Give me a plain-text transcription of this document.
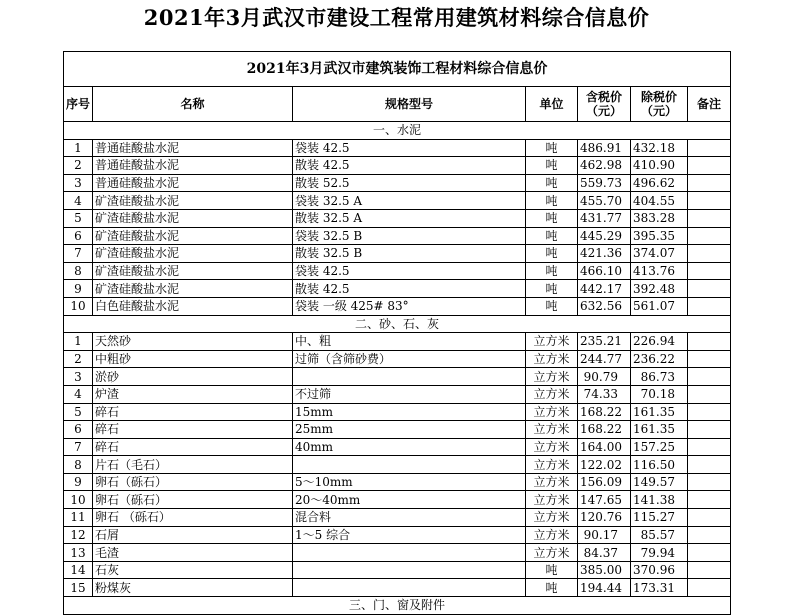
2021年3月武汉市建设工程常用建筑材料综合信息价
2021年3月武汉市建筑装饰工程材料综合信息价						
序号	名称	规格型号	单位	含税价（元）	除税价（元）	备注
一、水泥						
1	普通硅酸盐水泥	袋装 42.5	吨	486.91	432.18	
2	普通硅酸盐水泥	散装 42.5	吨	462.98	410.90	
3	普通硅酸盐水泥	散装 52.5	吨	559.73	496.62	
4	矿渣硅酸盐水泥	袋装 32.5 A	吨	455.70	404.55	
5	矿渣硅酸盐水泥	散装 32.5 A	吨	431.77	383.28	
6	矿渣硅酸盐水泥	袋装 32.5 B	吨	445.29	395.35	
7	矿渣硅酸盐水泥	散装 32.5 B	吨	421.36	374.07	
8	矿渣硅酸盐水泥	袋装 42.5	吨	466.10	413.76	
9	矿渣硅酸盐水泥	散装 42.5	吨	442.17	392.48	
10	白色硅酸盐水泥	袋装 一级 425# 83°	吨	632.56	561.07	
二、砂、石、灰						
1	天然砂	中、粗	立方米	235.21	226.94	
2	中粗砂	过筛（含筛砂费）	立方米	244.77	236.22	
3	淤砂		立方米	90.79	86.73	
4	炉渣	不过筛	立方米	74.33	70.18	
5	碎石	15mm	立方米	168.22	161.35	
6	碎石	25mm	立方米	168.22	161.35	
7	碎石	40mm	立方米	164.00	157.25	
8	片石（毛石）		立方米	122.02	116.50	
9	卵石（砾石）	5～10mm	立方米	156.09	149.57	
10	卵石（砾石）	20～40mm	立方米	147.65	141.38	
11	卵石 （砾石）	混合料	立方米	120.76	115.27	
12	石屑	1～5 综合	立方米	90.17	85.57	
13	毛渣		立方米	84.37	79.94	
14	石灰		吨	385.00	370.96	
15	粉煤灰		吨	194.44	173.31	
三、门、窗及附件						
